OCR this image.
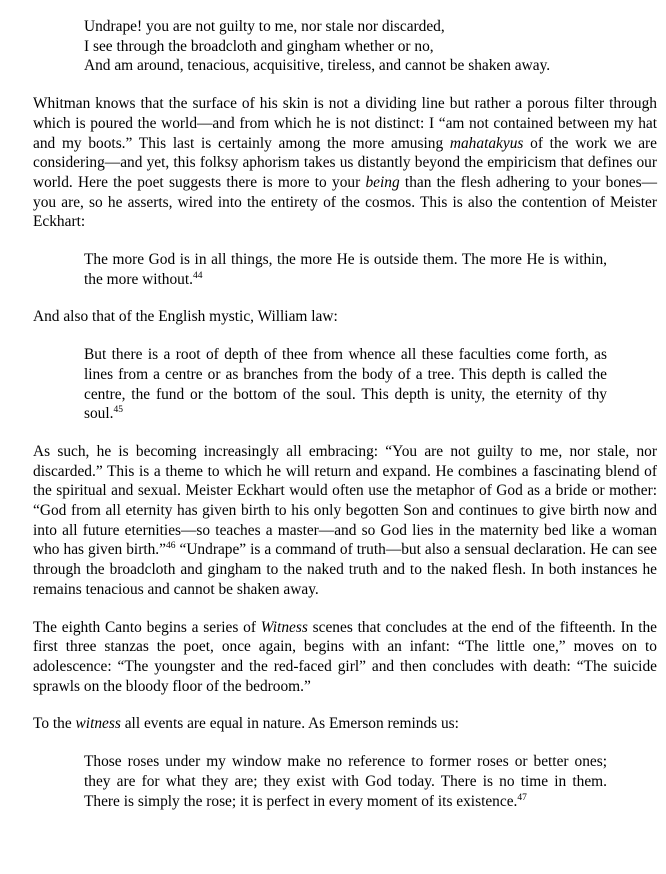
Undrape! you are not guilty to me, nor stale nor discarded,
I see through the broadcloth and gingham whether or no,
And am around, tenacious, acquisitive, tireless, and cannot be shaken away.

Whitman knows that the surface of his skin is not a dividing line but rather a porous filter through which is poured the world—and from which he is not distinct: I “am not contained between my hat and my boots.” This last is certainly among the more amusing mahatakyus of the work we are considering—and yet, this folksy aphorism takes us distantly beyond the empiricism that defines our world. Here the poet suggests there is more to your being than the flesh adhering to your bones— you are, so he asserts, wired into the entirety of the cosmos. This is also the contention of Meister Eckhart:

The more God is in all things, the more He is outside them. The more He is within, the more without.$^{44}$

And also that of the English mystic, William law:

But there is a root of depth of thee from whence all these faculties come forth, as lines from a centre or as branches from the body of a tree. This depth is called the centre, the fund or the bottom of the soul. This depth is unity, the eternity of thy soul.$^{45}$

As such, he is becoming increasingly all embracing: “You are not guilty to me, nor stale, nor discarded.” This is a theme to which he will return and expand. He combines a fascinating blend of the spiritual and sexual. Meister Eckhart would often use the metaphor of God as a bride or mother: “God from all eternity has given birth to his only begotten Son and continues to give birth now and into all future eternities—so teaches a master—and so God lies in the maternity bed like a woman who has given birth.”$^{46}$ “Undrape” is a command of truth—but also a sensual declaration. He can see through the broadcloth and gingham to the naked truth and to the naked flesh. In both instances he remains tenacious and cannot be shaken away.

The eighth Canto begins a series of Witness scenes that concludes at the end of the fifteenth. In the first three stanzas the poet, once again, begins with an infant: “The little one,” moves on to adolescence: “The youngster and the red-faced girl” and then concludes with death: “The suicide sprawls on the bloody floor of the bedroom.”

To the witness all events are equal in nature. As Emerson reminds us:

Those roses under my window make no reference to former roses or better ones; they are for what they are; they exist with God today. There is no time in them. There is simply the rose; it is perfect in every moment of its existence.$^{47}$
